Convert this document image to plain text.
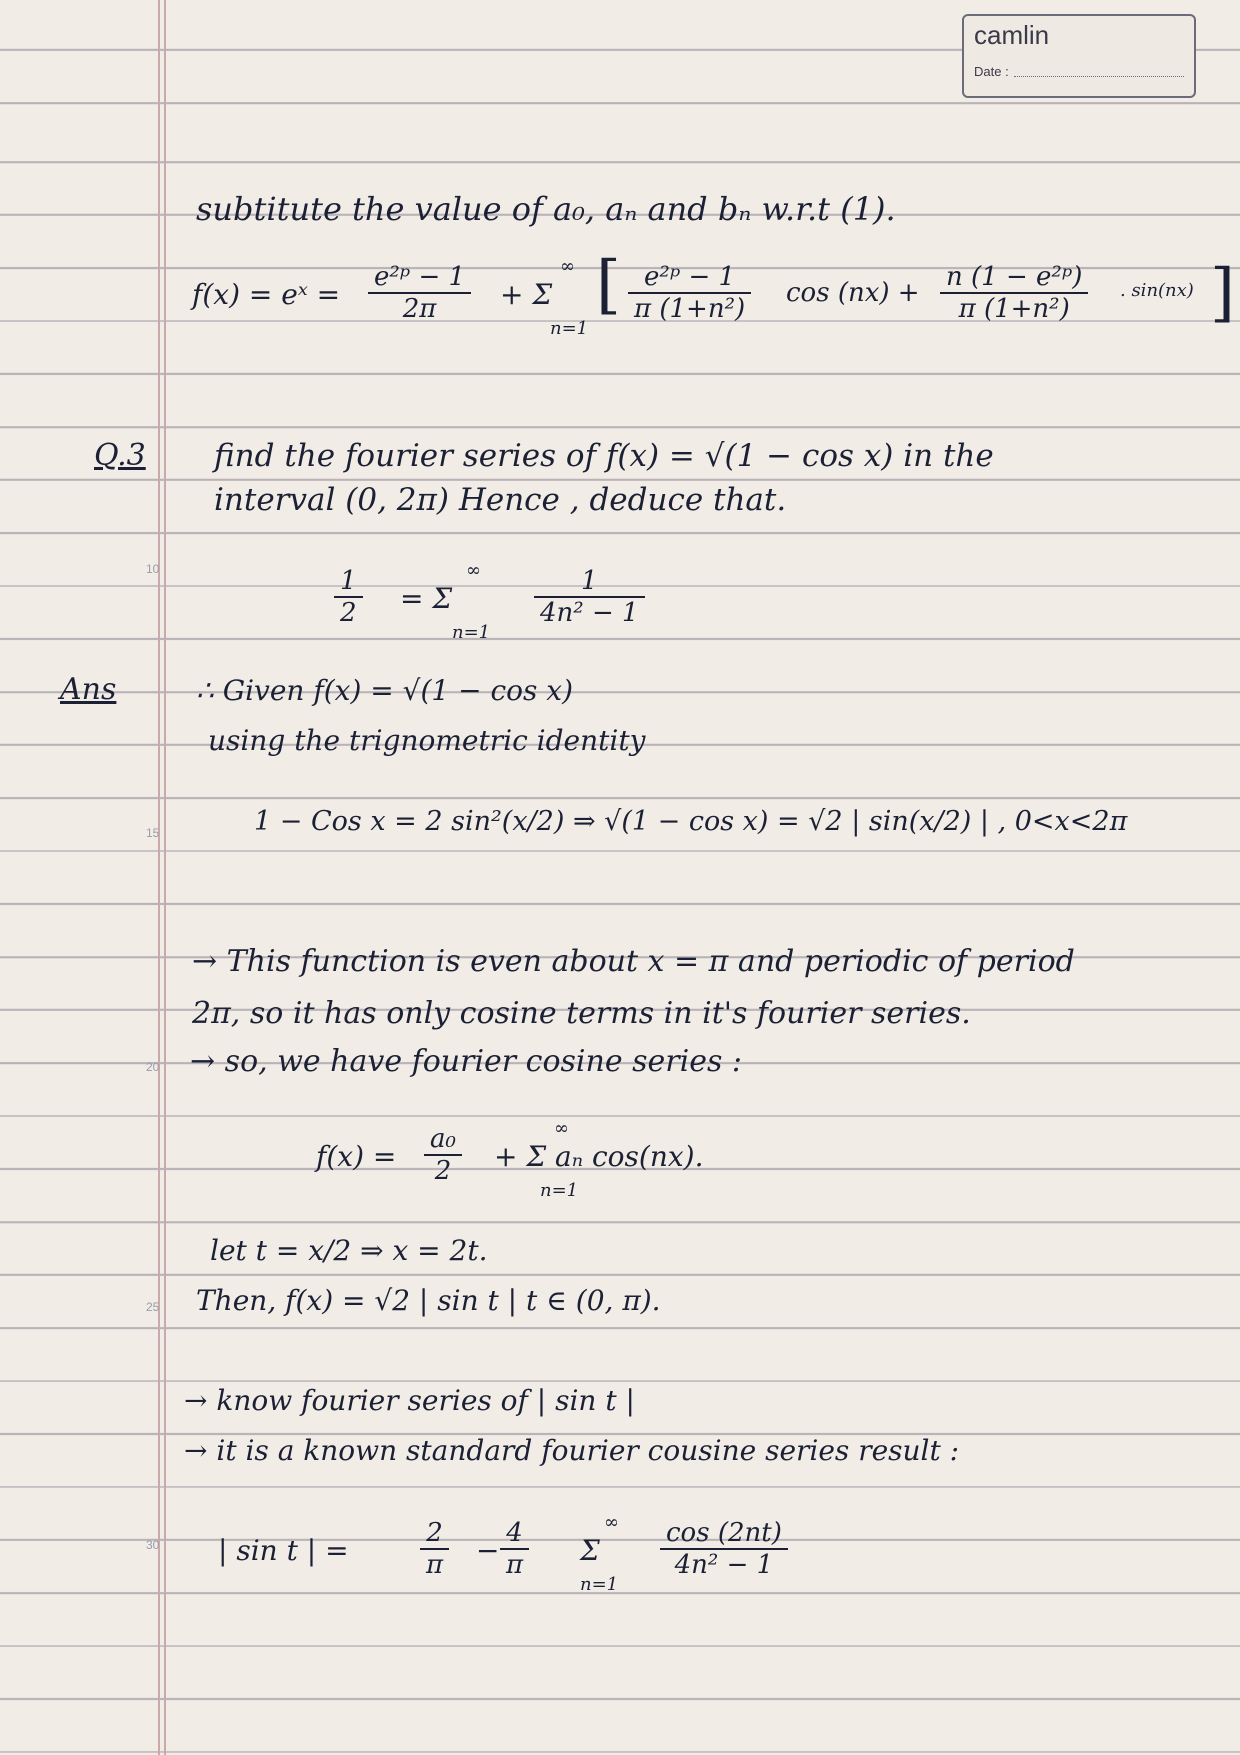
camlin
Date :
10
15
20
25
30
subtitute the value of a₀, aₙ and bₙ w.r.t (1).
f(x) = eˣ = $\frac{\text{e²ᵖ − 1}}{2\pi} + \Sigma$
∞
n=1
[ $\frac{\text{e²ᵖ − 1}}{\text{π (1+n²)}}$ $\cos (nx) + \frac{\text{n (1 − e²ᵖ)}}{\text{π (1+n²)}}$ . sin(nx) ]
Q.3 find the fourier series of f(x) = √(1 − cos x) in the
interval (0, 2π) Hence , deduce that.
$\frac{1}{2} = \Sigma$
∞
n=1
$\frac{1}{\text{4n² − 1}}$
Ans	∴ Given f(x) = √(1 − cos x)
using the trignometric identity
1 − Cos x = 2 sin²(x/2) ⇒ √(1 − cos x) = √2 | sin(x/2) | , 0<x<2π
→ This function is even about x = π and periodic of period
2π, so it has only cosine terms in it's fourier series.
→ so, we have fourier cosine series :
$f(x) = \frac{\text{a₀}}{2} + \Sigma$ aₙ cos(nx).
∞
n=1
let t = x/2 ⇒ x = 2t.
Then, f(x) = √2 | sin t | t ∈ (0, π).
→ know fourier series of | sin t |
→ it is a known standard fourier cousine series result :
| sin t | =	$\frac{2}{\pi} - \frac{4}{\pi}$ Σ
∞
n=1
$\frac{\cos (2nt)}{\text{4n² − 1}}$
